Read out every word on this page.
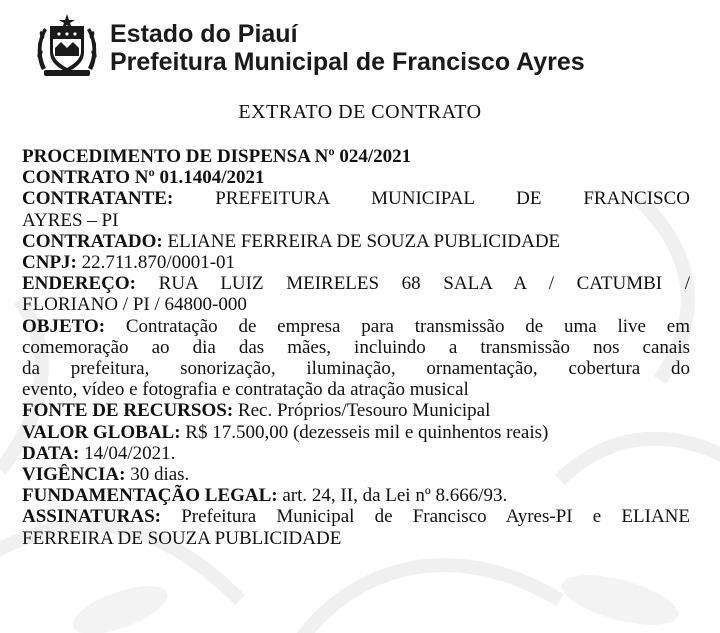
Estado do Piauí
Prefeitura Municipal de Francisco Ayres
EXTRATO DE CONTRATO
PROCEDIMENTO DE DISPENSA Nº 024/2021
CONTRATO Nº 01.1404/2021
CONTRATANTE: PREFEITURA MUNICIPAL DE FRANCISCO
AYRES – PI
CONTRATADO: ELIANE FERREIRA DE SOUZA PUBLICIDADE
CNPJ: 22.711.870/0001-01
ENDEREÇO: RUA LUIZ MEIRELES 68 SALA A / CATUMBI /
FLORIANO / PI / 64800-000
OBJETO: Contratação de empresa para transmissão de uma live em
comemoração ao dia das mães, incluindo a transmissão nos canais
da prefeitura, sonorização, iluminação, ornamentação, cobertura do
evento, vídeo e fotografia e contratação da atração musical
FONTE DE RECURSOS: Rec. Próprios/Tesouro Municipal
VALOR GLOBAL: R$ 17.500,00 (dezesseis mil e quinhentos reais)
DATA: 14/04/2021.
VIGÊNCIA: 30 dias.
FUNDAMENTAÇÃO LEGAL: art. 24, II, da Lei nº 8.666/93.
ASSINATURAS: Prefeitura Municipal de Francisco Ayres-PI e ELIANE
FERREIRA DE SOUZA PUBLICIDADE
